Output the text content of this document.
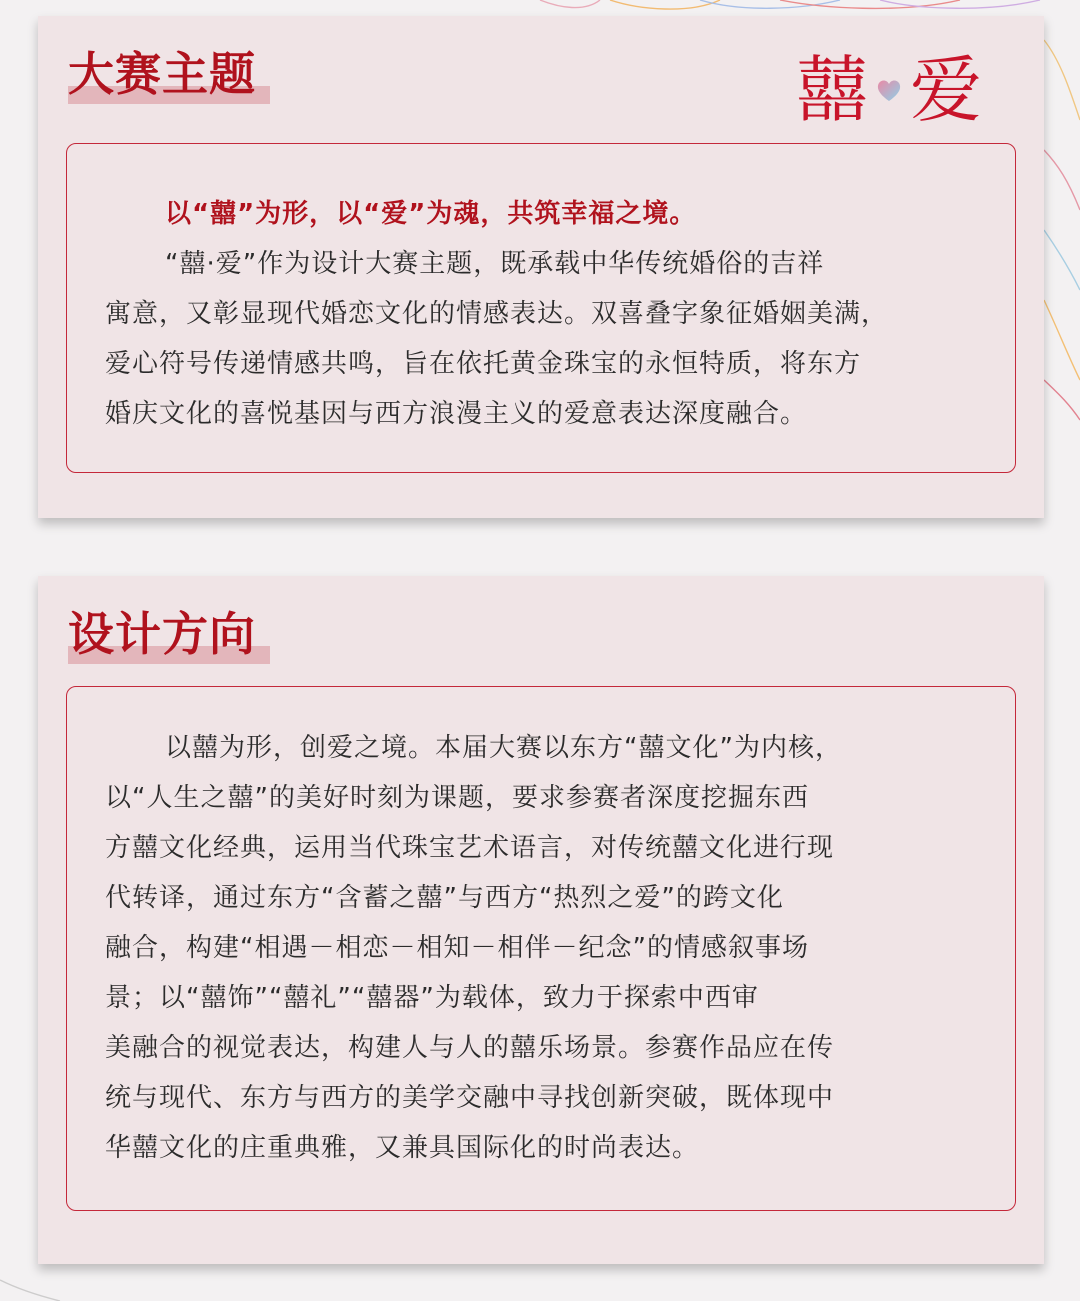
大赛主题	囍 爱
以“囍”为形，以“爱”为魂，共筑幸福之境。
“囍·爱”作为设计大赛主题，既承载中华传统婚俗的吉祥
寓意，又彰显现代婚恋文化的情感表达。双喜叠字象征婚姻美满，
爱心符号传递情感共鸣，旨在依托黄金珠宝的永恒特质，将东方
婚庆文化的喜悦基因与西方浪漫主义的爱意表达深度融合。
设计方向
以囍为形，创爱之境。本届大赛以东方“囍文化”为内核，
以“人生之囍”的美好时刻为课题，要求参赛者深度挖掘东西
方囍文化经典，运用当代珠宝艺术语言，对传统囍文化进行现
代转译，通过东方“含蓄之囍”与西方“热烈之爱”的跨文化
融合，构建“相遇－相恋－相知－相伴－纪念”的情感叙事场
景；以“囍饰”“囍礼”“囍器”为载体，致力于探索中西审
美融合的视觉表达，构建人与人的囍乐场景。参赛作品应在传
统与现代、东方与西方的美学交融中寻找创新突破，既体现中
华囍文化的庄重典雅，又兼具国际化的时尚表达。
